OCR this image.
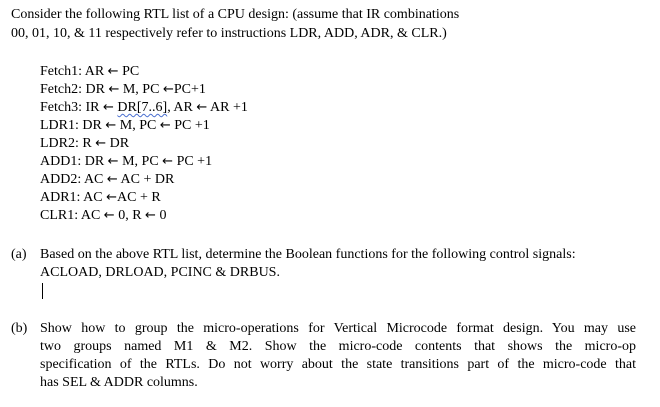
Consider the following RTL list of a CPU design: (assume that IR combinations
00, 01, 10, & 11 respectively refer to instructions LDR, ADD, ADR, & CLR.)
Fetch1: AR ← PC
Fetch2: DR ← M, PC ←PC+1
Fetch3: IR ← DR[7..6], AR ← AR +1
LDR1: DR ← M, PC ← PC +1
LDR2: R ← DR
ADD1: DR ← M, PC ← PC +1
ADD2: AC ← AC + DR
ADR1: AC ←AC + R
CLR1: AC ← 0, R ← 0
(a) Based on the above RTL list, determine the Boolean functions for the following control signals:
ACLOAD, DRLOAD, PCINC & DRBUS.
(b) Show how to group the micro-operations for Vertical Microcode format design. You may use
two groups named M1 & M2. Show the micro-code contents that shows the micro-op
specification of the RTLs. Do not worry about the state transitions part of the micro-code that
has SEL & ADDR columns.
